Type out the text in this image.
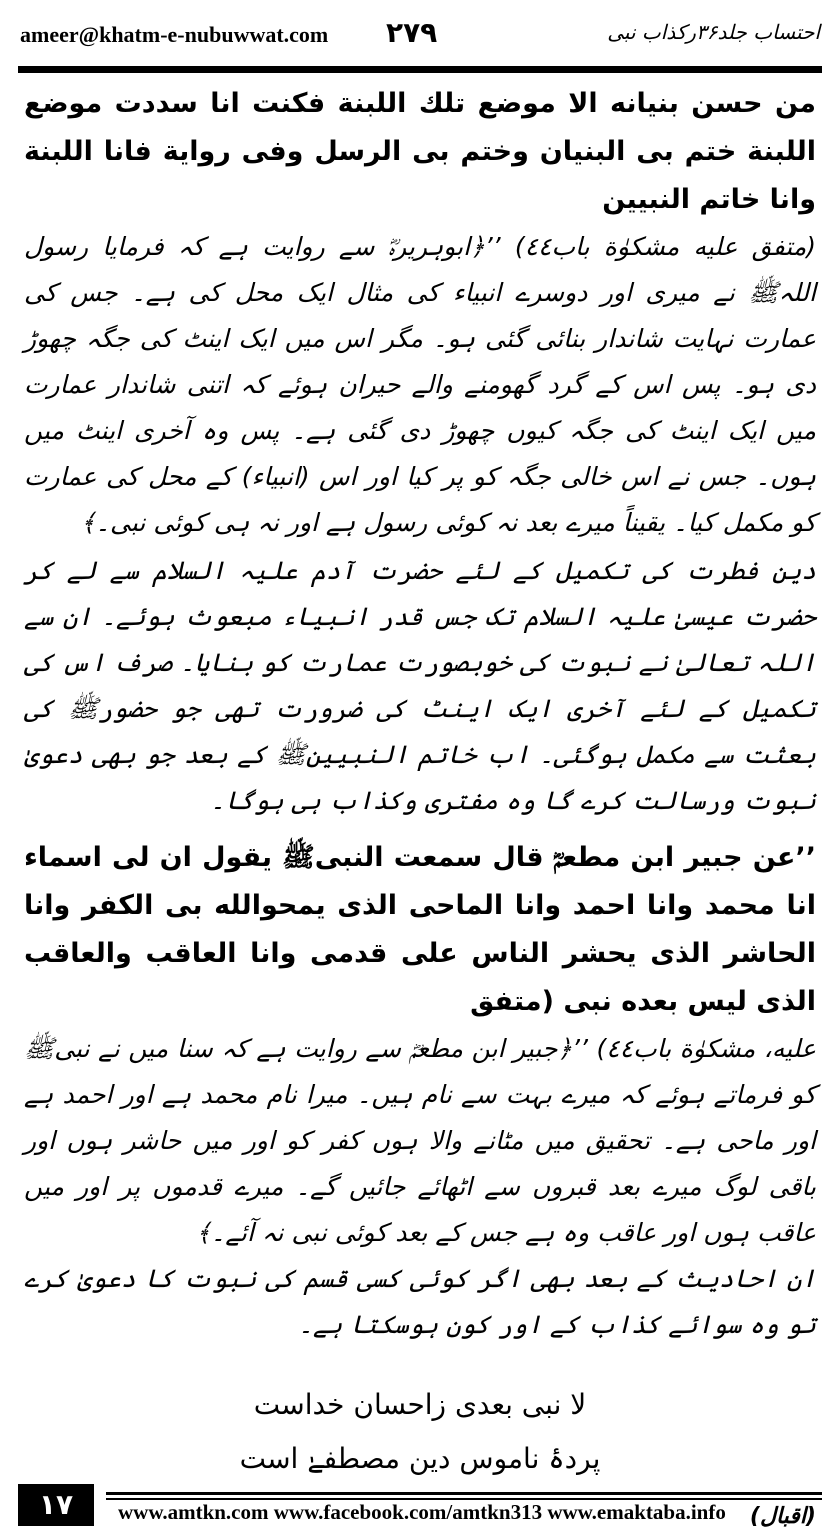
ameer@khatm-e-nubuwwat.com ۲۷۹	احتساب جلد۳۶رکذاب نبی

من حسن بنيانه الا موضع تلك اللبنة فكنت انا سددت موضع اللبنة ختم بى البنيان وختم بى الرسل وفى رواية فانا اللبنة وانا خاتم النبيين

(متفق عليه مشكوٰة باب٤٤) ’’﴿ابوہریرہؓ سے روایت ہے کہ فرمایا رسول اللہﷺ نے میری اور دوسرے انبیاء کی مثال ایک محل کی ہے۔ جس کی عمارت نہایت شاندار بنائی گئی ہو۔ مگر اس میں ایک اینٹ کی جگہ چھوڑ دی ہو۔ پس اس کے گرد گھومنے والے حیران ہوئے کہ اتنی شاندار عمارت میں ایک اینٹ کی جگہ کیوں چھوڑ دی گئی ہے۔ پس وہ آخری اینٹ میں ہوں۔ جس نے اس خالی جگہ کو پر کیا اور اس (انبیاء) کے محل کی عمارت کو مکمل کیا۔ یقیناً میرے بعد نہ کوئی رسول ہے اور نہ ہی کوئی نبی۔﴾

دین فطرت کی تکمیل کے لئے حضرت آدم علیہ السلام سے لے کر حضرت عیسیٰ علیہ السلام تک جس قدر انبیاء مبعوث ہوئے۔ ان سے اللہ تعالیٰ نے نبوت کی خوبصورت عمارت کو بنایا۔ صرف اس کی تکمیل کے لئے آخری ایک اینٹ کی ضرورت تھی جو حضورﷺ کی بعثت سے مکمل ہوگئی۔ اب خاتم النبیینﷺ کے بعد جو بھی دعویٰ نبوت ورسالت کرے گا وہ مفتری وکذاب ہی ہوگا۔

’’عن جبير ابن مطعمؓ قال سمعت النبىﷺ يقول ان لى اسماء انا محمد وانا احمد وانا الماحى الذى يمحوالله بى الكفر وانا الحاشر الذى يحشر الناس على قدمى وانا العاقب والعاقب الذى ليس بعده نبى (متفق

عليه، مشكوٰة باب٤٤) ’’﴿جبیر ابن مطعمؓ سے روایت ہے کہ سنا میں نے نبیﷺ کو فرماتے ہوئے کہ میرے بہت سے نام ہیں۔ میرا نام محمد ہے اور احمد ہے اور ماحی ہے۔ تحقیق میں مٹانے والا ہوں کفر کو اور میں حاشر ہوں اور باقی لوگ میرے بعد قبروں سے اٹھائے جائیں گے۔ میرے قدموں پر اور میں عاقب ہوں اور عاقب وہ ہے جس کے بعد کوئی نبی نہ آئے۔﴾

ان احادیث کے بعد بھی اگر کوئی کسی قسم کی نبوت کا دعویٰ کرے تو وہ سوائے کذاب کے اور کون ہوسکتا ہے۔

لا نبی بعدی زاحسان خداست
پردۂ ناموس دین مصطفےٰ است
(اقبال)
۱۷	www.amtkn.com www.facebook.com/amtkn313 www.emaktaba.info
